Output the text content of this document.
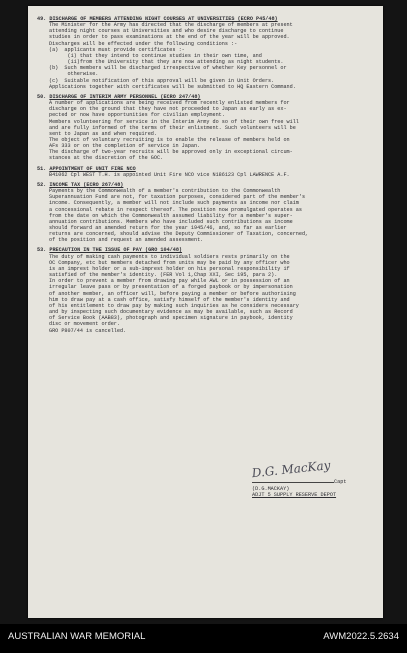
49. DISCHARGE OF MEMBERS ATTENDING NIGHT COURSES AT UNIVERSITIES (ECRO P45/48)
The Minister for the Army has directed that the discharge of members at present
attending night courses at Universities and who desire discharge to continue
studies in order to pass examinations at the end of the year will be approved.
Discharges will be effected under the following conditions :-
(a)  applicants must provide certificates :-
(i) that they intend to continue studies in their own time, and
(ii)from the University that they are now attending as night students.
(b)  Such members will be discharged irrespective of whether Key personnel or
otherwise.
(c)  Suitable notification of this approval will be given in Unit Orders.
Applications together with certificates will be submitted to HQ Eastern Command.
50. DISCHARGE OF INTERIM ARMY PERSONNEL (ECRO 247/48)
A number of applications are being received from recently enlisted members for
discharge on the ground that they have not proceeded to Japan as early as ex-
pected or now have opportunities for civilian employment.
Members volunteering for service in the Interim Army do so of their own free will
and are fully informed of the terms of their enlistment. Such volunteers will be
sent to Japan as and when required.
The object of voluntary recruiting is to enable the release of members held on
AFs 333 or on the completion of service in Japan.
The discharge of two-year recruits will be approved only in exceptional circum-
stances at the discretion of the GOC.
51. APPOINTMENT OF UNIT FIRE NCO
B41062 Cpl WEST T.H. is appointed Unit Fire NCO vice N186123 Cpl LAWRENCE A.F.
52. INCOME TAX (ECRO 267/48)
Payments by the Commonwealth of a member's contribution to the Commonwealth
Superannuation Fund are not, for taxation purposes, considered part of the member's
income. Consequently, a member will not include such payments as income nor claim
a concessional rebate in respect thereof. The position now promulgated operates as
from the date on which the Commonwealth assumed liability for a member's super-
annuation contributions. Members who have included such contributions as income
should forward an amended return for the year 1945/46, and, so far as earlier
returns are concerned, should advise the Deputy Commissioner of Taxation, concerned,
of the position and request an amended assessment.
53. PRECAUTION IN THE ISSUE OF PAY (GRO 104/48)
The duty of making cash payments to individual soldiers rests primarily on the
OC Company, etc but members detached from units may be paid by any officer who
is an imprest holder or a sub-imprest holder on his personal responsibility if
satisfied of the member's identity. (FER Vol 1,Chap XXI, Sec 195, para 2).
In order to prevent a member from drawing pay while AWL or in possession of an
irregular leave pass or by presentation of a forged paybook or by impersonation
of another member, an officer will, before paying a member or before authorising
him to draw pay at a cash office, satisfy himself of the member's identity and
of his entitlement to draw pay by making such inquiries as he considers necessary
and by inspecting such documentary evidence as may be available, such as Record
of Service Book (AAB83), photograph and specimen signature in paybook, identity
disc or movement order.
GRO P807/44 is cancelled.
D.G. MacKay
Capt
(D.G.MACKAY)
ADJT 5 SUPPLY RESERVE DEPOT
AUSTRALIAN WAR MEMORIAL	AWM2022.5.2634
